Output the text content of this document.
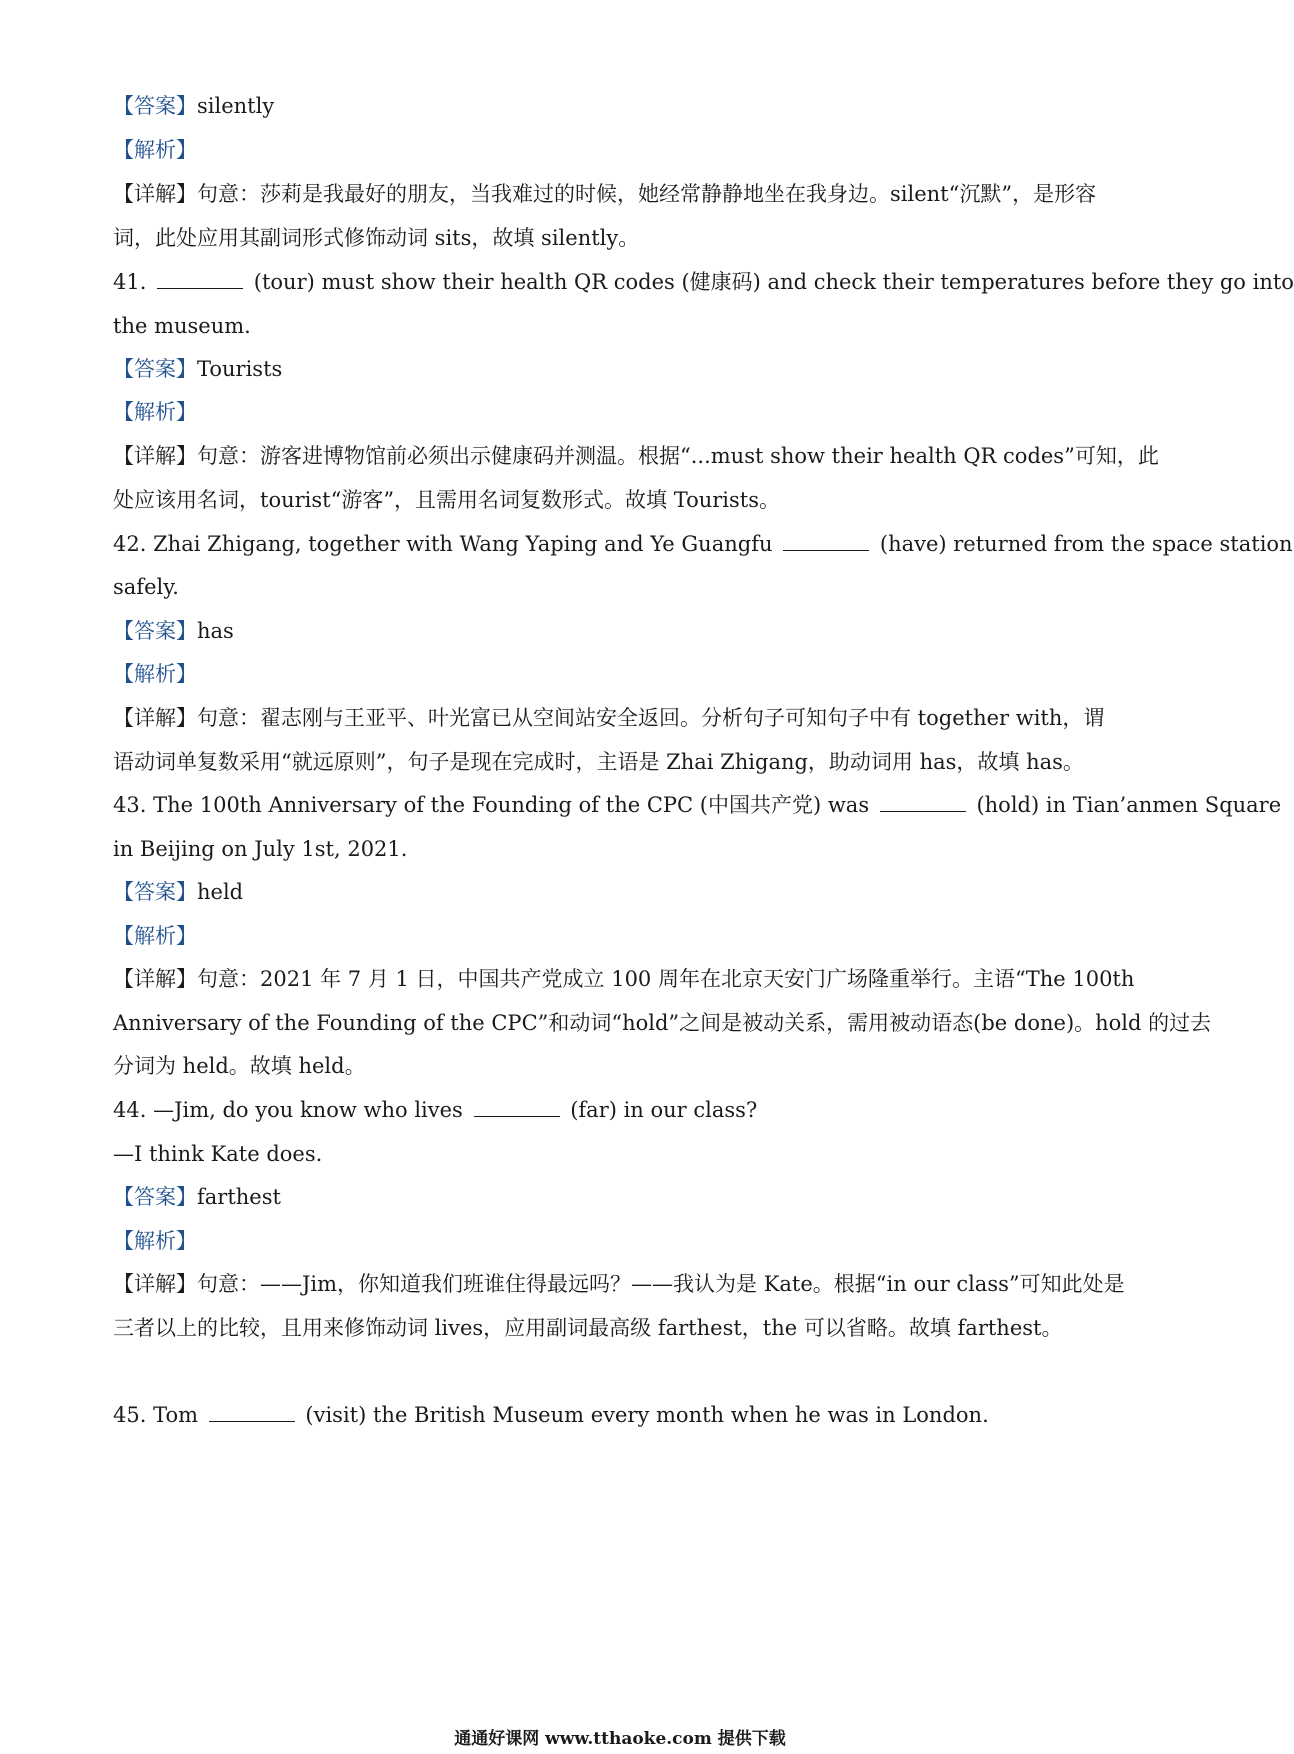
【答案】silently
【解析】
【详解】句意：莎莉是我最好的朋友，当我难过的时候，她经常静静地坐在我身边。silent“沉默”，是形容
词，此处应用其副词形式修饰动词 sits，故填 silently。
41.	(tour) must show their health QR codes (健康码) and check their temperatures before they go into
the museum.
【答案】Tourists
【解析】
【详解】句意：游客进博物馆前必须出示健康码并测温。根据“...must show their health QR codes”可知，此
处应该用名词，tourist“游客”，且需用名词复数形式。故填 Tourists。
42. Zhai Zhigang, together with Wang Yaping and Ye Guangfu	(have) returned from the space station
safely.
【答案】has
【解析】
【详解】句意：翟志刚与王亚平、叶光富已从空间站安全返回。分析句子可知句子中有 together with，谓
语动词单复数采用“就远原则”，句子是现在完成时，主语是 Zhai Zhigang，助动词用 has，故填 has。
43. The 100th Anniversary of the Founding of the CPC (中国共产党) was	(hold) in Tian’anmen Square
in Beijing on July 1st, 2021.
【答案】held
【解析】
【详解】句意：2021 年 7 月 1 日，中国共产党成立 100 周年在北京天安门广场隆重举行。主语“The 100th
Anniversary of the Founding of the CPC”和动词“hold”之间是被动关系，需用被动语态(be done)。hold 的过去
分词为 held。故填 held。
44. —Jim, do you know who lives	(far) in our class?
—I think Kate does.
【答案】farthest
【解析】
【详解】句意：——Jim，你知道我们班谁住得最远吗？——我认为是 Kate。根据“in our class”可知此处是
三者以上的比较，且用来修饰动词 lives，应用副词最高级 farthest，the 可以省略。故填 farthest。
45. Tom	(visit) the British Museum every month when he was in London.
通通好课网 www.tthaoke.com 提供下载
